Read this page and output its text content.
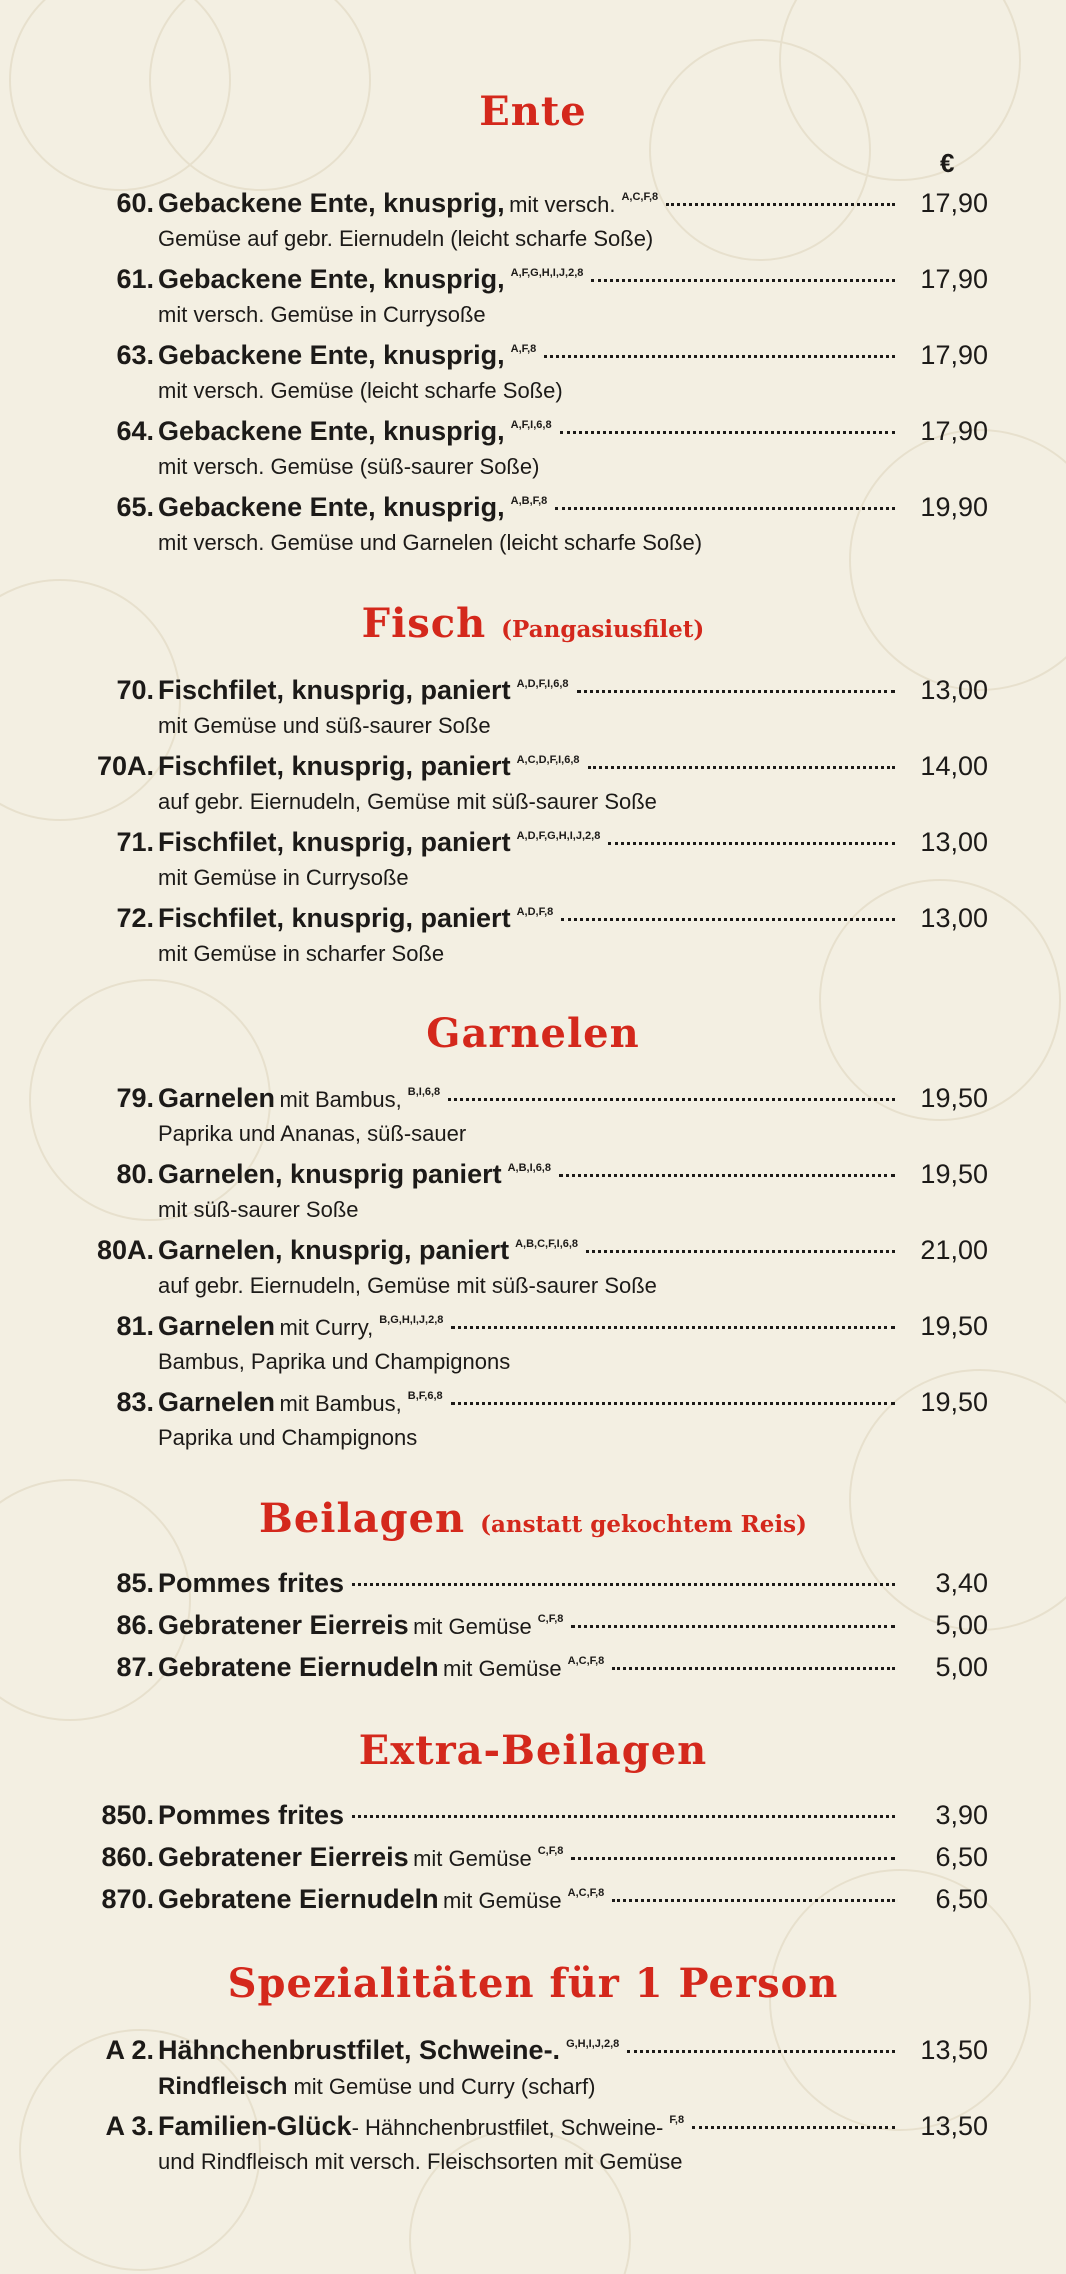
Ente
€
60. Gebackene Ente, knusprig,
mit versch. A,C,F,8	17,90
Gemüse auf gebr. Eiernudeln (leicht scharfe Soße)
61. Gebackene Ente, knusprig, A,F,G,H,I,J,2,8	17,90
mit versch. Gemüse in Currysoße
63. Gebackene Ente, knusprig, A,F,8	17,90
mit versch. Gemüse (leicht scharfe Soße)
64. Gebackene Ente, knusprig, A,F,I,6,8	17,90
mit versch. Gemüse (süß-saurer Soße)
65. Gebackene Ente, knusprig, A,B,F,8	19,90
mit versch. Gemüse und Garnelen (leicht scharfe Soße)
Fisch (Pangasiusfilet)
70. Fischfilet, knusprig, paniert A,D,F,I,6,8	13,00
mit Gemüse und süß-saurer Soße
70A. Fischfilet, knusprig, paniert A,C,D,F,I,6,8	14,00
auf gebr. Eiernudeln, Gemüse mit süß-saurer Soße
71. Fischfilet, knusprig, paniert A,D,F,G,H,I,J,2,8	13,00
mit Gemüse in Currysoße
72. Fischfilet, knusprig, paniert A,D,F,8	13,00
mit Gemüse in scharfer Soße
Garnelen
79. Garnelen
mit Bambus, B,I,6,8	19,50
Paprika und Ananas, süß-sauer
80. Garnelen, knusprig paniert A,B,I,6,8	19,50
mit süß-saurer Soße
80A. Garnelen, knusprig, paniert A,B,C,F,I,6,8	21,00
auf gebr. Eiernudeln, Gemüse mit süß-saurer Soße
81. Garnelen
mit Curry, B,G,H,I,J,2,8	19,50
Bambus, Paprika und Champignons
83. Garnelen
mit Bambus, B,F,6,8	19,50
Paprika und Champignons
Beilagen (anstatt gekochtem Reis)
85. Pommes frites	3,40
86. Gebratener Eierreis
mit Gemüse C,F,8	5,00
87. Gebratene Eiernudeln
mit Gemüse A,C,F,8	5,00
Extra-Beilagen
850. Pommes frites	3,90
860. Gebratener Eierreis
mit Gemüse C,F,8	6,50
870. Gebratene Eiernudeln
mit Gemüse A,C,F,8	6,50
Spezialitäten für 1 Person
A 2. Hähnchenbrustfilet, Schweine-. G,H,I,J,2,8	13,50
Rindfleisch mit Gemüse und Curry (scharf)
A 3. Familien-Glück - Hähnchenbrustfilet, Schweine- F,8	13,50
und Rindfleisch mit versch. Fleischsorten mit Gemüse
